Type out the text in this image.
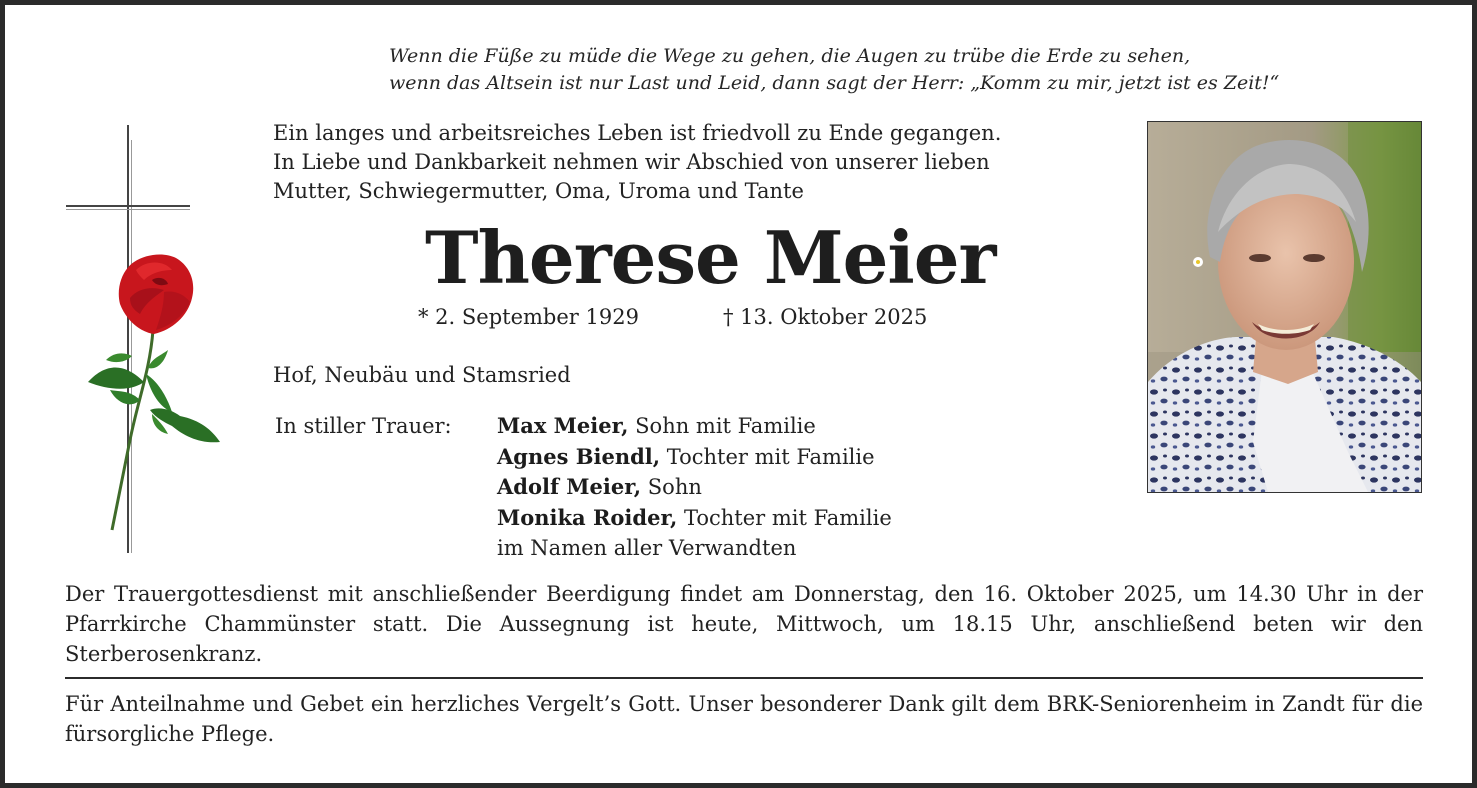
Wenn die Füße zu müde die Wege zu gehen, die Augen zu trübe die Erde zu sehen,
wenn das Altsein ist nur Last und Leid, dann sagt der Herr: „Komm zu mir, jetzt ist es Zeit!“
Ein langes und arbeitsreiches Leben ist friedvoll zu Ende gegangen.
In Liebe und Dankbarkeit nehmen wir Abschied von unserer lieben
Mutter, Schwiegermutter, Oma, Uroma und Tante
Therese Meier
* 2. September 1929	† 13. Oktober 2025
Hof, Neubäu und Stamsried
In stiller Trauer: Max Meier, Sohn mit Familie
Agnes Biendl, Tochter mit Familie
Adolf Meier, Sohn
Monika Roider, Tochter mit Familie
im Namen aller Verwandten
Der Trauergottesdienst mit anschließender Beerdigung findet am Donnerstag, den 16. Oktober 2025, um 14.30 Uhr in der Pfarrkirche Chammünster statt. Die Aussegnung ist heute, Mittwoch, um 18.15 Uhr, anschließend beten wir den Sterberosenkranz.
Für Anteilnahme und Gebet ein herzliches Vergelt’s Gott. Unser besonderer Dank gilt dem BRK-Seniorenheim in Zandt für die fürsorgliche Pflege.
